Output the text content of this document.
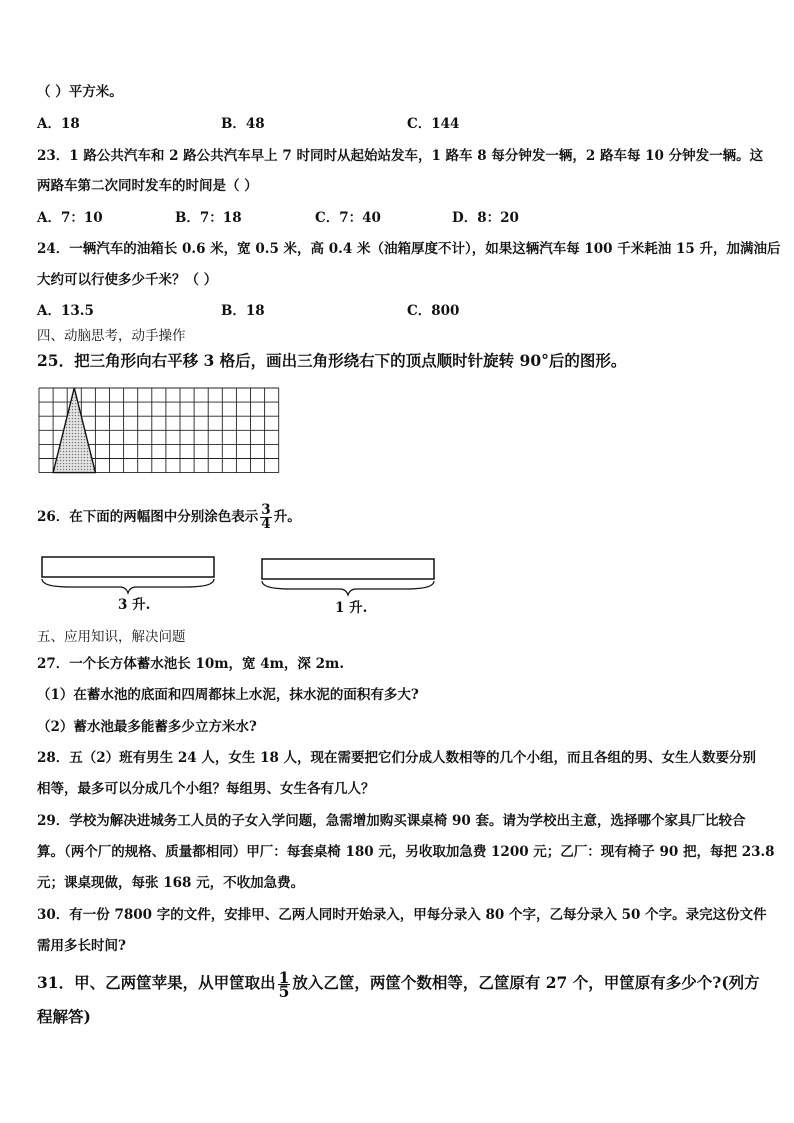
（ ）平方米。
A．18	B．48	C．144
23．1 路公共汽车和 2 路公共汽车早上 7 时同时从起始站发车，1 路车 8 每分钟发一辆，2 路车每 10 分钟发一辆。这
两路车第二次同时发车的时间是（ ）
A．7：10	B．7：18	C．7：40	D．8：20
24．一辆汽车的油箱长 0.6 米，宽 0.5 米，高 0.4 米（油箱厚度不计），如果这辆汽车每 100 千米耗油 15 升，加满油后
大约可以行使多少千米？（ ）
A．13.5	B．18	C．800
四、动脑思考，动手操作
25．把三角形向右平移 3 格后，画出三角形绕右下的顶点顺时针旋转 90°后的图形。
26．在下面的两幅图中分别涂色表示 $\frac{3}{4}$ 升。
3 升.	1 升.
五、应用知识，解决问题
27．一个长方体蓄水池长 10m，宽 4m，深 2m.
（1）在蓄水池的底面和四周都抹上水泥，抹水泥的面积有多大?
（2）蓄水池最多能蓄多少立方米水?
28．五（2）班有男生 24 人，女生 18 人，现在需要把它们分成人数相等的几个小组，而且各组的男、女生人数要分别
相等，最多可以分成几个小组？每组男、女生各有几人？
29．学校为解决进城务工人员的子女入学问题，急需增加购买课桌椅 90 套。请为学校出主意，选择哪个家具厂比较合
算。（两个厂的规格、质量都相同）甲厂：每套桌椅 180 元，另收取加急费 1200 元；乙厂：现有椅子 90 把，每把 23.8
元；课桌现做，每张 168 元，不收加急费。
30．有一份 7800 字的文件，安排甲、乙两人同时开始录入，甲每分录入 80 个字，乙每分录入 50 个字。录完这份文件
需用多长时间?
31．甲、乙两筐苹果，从甲筐取出 $\frac{1}{5}$ 放入乙筐，两筐个数相等，乙筐原有 27 个，甲筐原有多少个?(列方
程解答)
